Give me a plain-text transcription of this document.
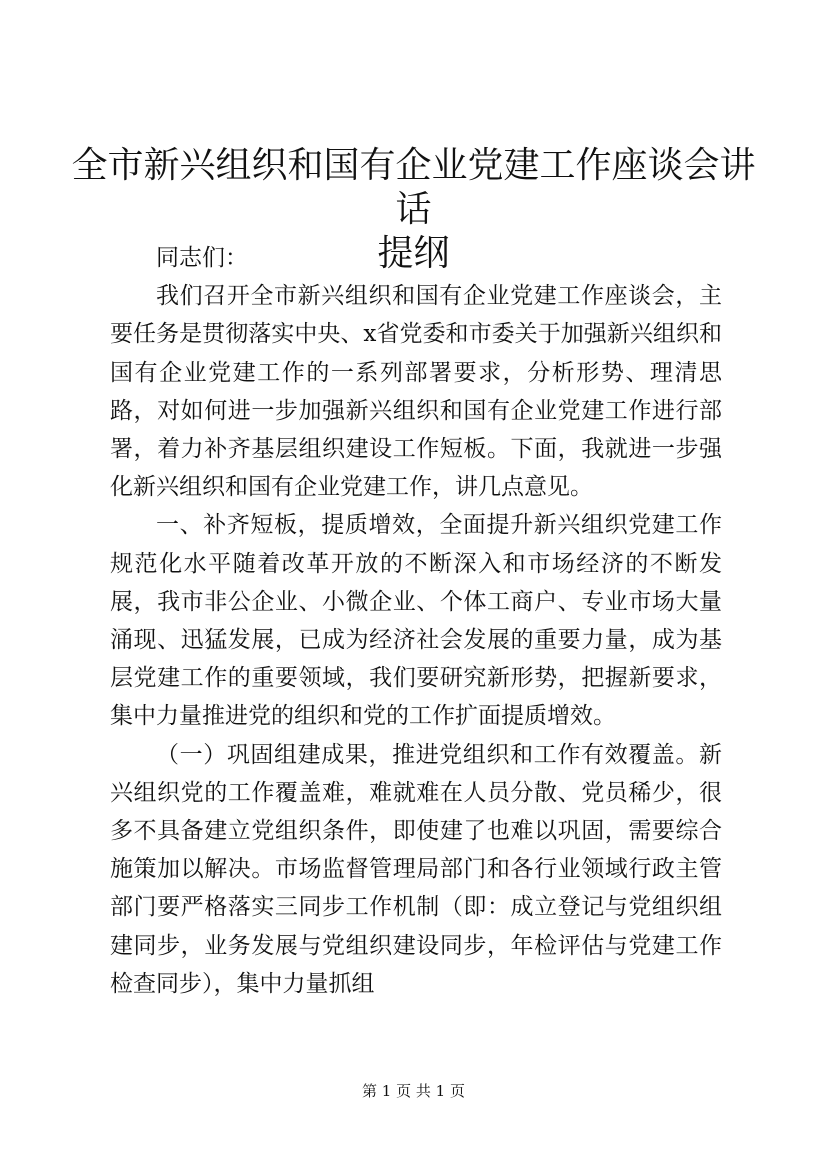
全市新兴组织和国有企业党建工作座谈会讲话
提纲

同志们：

我们召开全市新兴组织和国有企业党建工作座谈会，主要任务是贯彻落实中央、x省党委和市委关于加强新兴组织和国有企业党建工作的一系列部署要求，分析形势、理清思路，对如何进一步加强新兴组织和国有企业党建工作进行部署，着力补齐基层组织建设工作短板。下面，我就进一步强化新兴组织和国有企业党建工作，讲几点意见。

一、补齐短板，提质增效，全面提升新兴组织党建工作规范化水平随着改革开放的不断深入和市场经济的不断发展，我市非公企业、小微企业、个体工商户、专业市场大量涌现、迅猛发展，已成为经济社会发展的重要力量，成为基层党建工作的重要领域，我们要研究新形势，把握新要求，集中力量推进党的组织和党的工作扩面提质增效。

（一）巩固组建成果，推进党组织和工作有效覆盖。新兴组织党的工作覆盖难，难就难在人员分散、党员稀少，很多不具备建立党组织条件，即使建了也难以巩固，需要综合施策加以解决。市场监督管理局部门和各行业领域行政主管部门要严格落实三同步工作机制（即：成立登记与党组织组建同步，业务发展与党组织建设同步，年检评估与党建工作检查同步），集中力量抓组

第 1 页 共 1 页
